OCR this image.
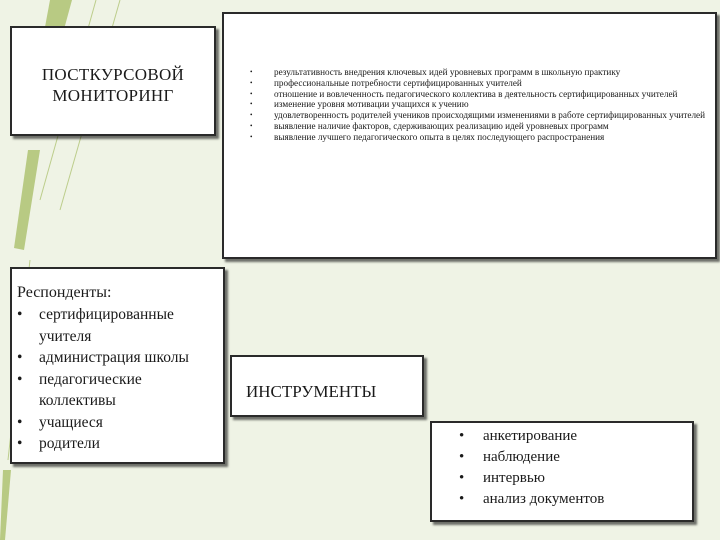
ПОСТКУРСОВОЙ
МОНИТОРИНГ
• результативность внедрения ключевых идей уровневых программ в школьную практику
• профессиональные потребности сертифицированных учителей
• отношение и вовлеченность педагогического коллектива в деятельность сертифицированных учителей
• изменение уровня мотивации учащихся к учению
• удовлетворенность родителей учеников происходящими изменениями в работе сертифицированных учителей
• выявление наличие факторов, сдерживающих реализацию идей уровневых программ
• выявление лучшего педагогического опыта в целях последующего распространения
Респонденты:
• сертифицированные учителя
• администрация школы
• педагогические коллективы
• учащиеся
• родители
ИНСТРУМЕНТЫ
• анкетирование
• наблюдение
• интервью
• анализ документов
